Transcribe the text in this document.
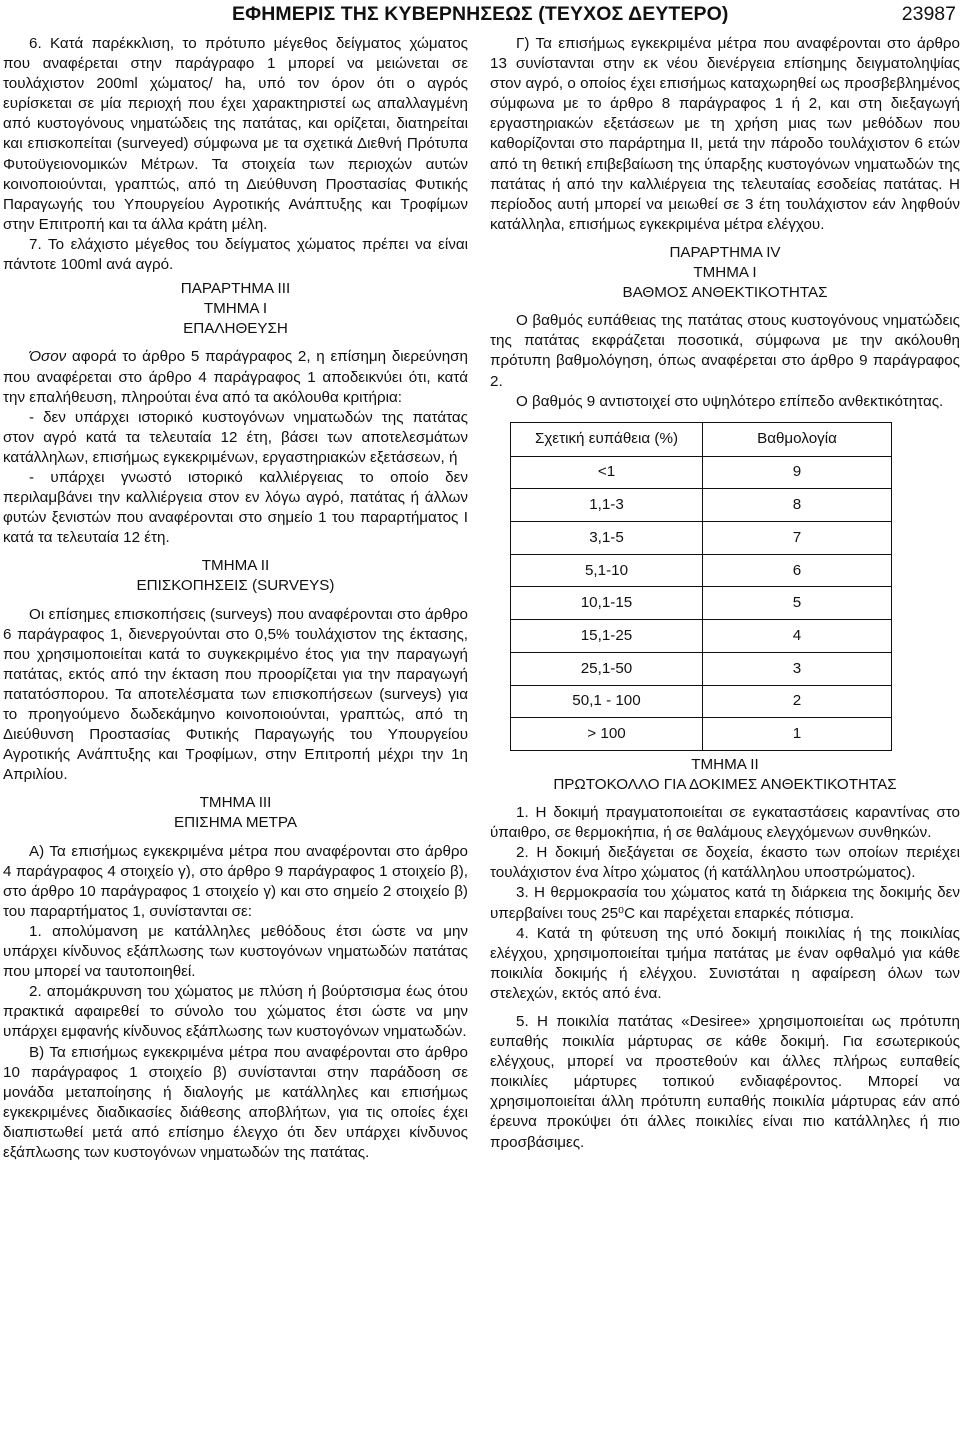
ΕΦΗΜΕΡΙΣ ΤΗΣ ΚΥΒΕΡΝΗΣΕΩΣ (ΤΕΥΧΟΣ ΔΕΥΤΕΡΟ)	23987

6. Κατά παρέκκλιση, το πρότυπο μέγεθος δείγματος χώματος που αναφέρεται στην παράγραφο 1 μπορεί να μειώνεται σε τουλάχιστον 200ml χώματος/ ha, υπό τον όρον ότι ο αγρός ευρίσκεται σε μία περιοχή που έχει χαρακτηριστεί ως απαλλαγμένη από κυστογόνους νηματώδεις της πατάτας, και ορίζεται, διατηρείται και επισκοπείται (surveyed) σύμφωνα με τα σχετικά Διεθνή Πρότυπα Φυτοϋγειονομικών Μέτρων. Τα στοιχεία των περιοχών αυτών κοινοποιούνται, γραπτώς, από τη Διεύθυνση Προστασίας Φυτικής Παραγωγής του Υπουργείου Αγροτικής Ανάπτυξης και Τροφίμων στην Επιτροπή και τα άλλα κράτη μέλη.

7. Το ελάχιστο μέγεθος του δείγματος χώματος πρέπει να είναι πάντοτε 100ml ανά αγρό.

ΠΑΡΑΡΤΗΜΑ III

ΤΜΗΜΑ I

ΕΠΑΛΗΘΕΥΣΗ

Όσον αφορά το άρθρο 5 παράγραφος 2, η επίσημη διερεύνηση που αναφέρεται στο άρθρο 4 παράγραφος 1 αποδεικνύει ότι, κατά την επαλήθευση, πληρούται ένα από τα ακόλουθα κριτήρια:

- δεν υπάρχει ιστορικό κυστογόνων νηματωδών της πατάτας στον αγρό κατά τα τελευταία 12 έτη, βάσει των αποτελεσμάτων κατάλληλων, επισήμως εγκεκριμένων, εργαστηριακών εξετάσεων, ή

- υπάρχει γνωστό ιστορικό καλλιέργειας το οποίο δεν περιλαμβάνει την καλλιέργεια στον εν λόγω αγρό, πατάτας ή άλλων φυτών ξενιστών που αναφέρονται στο σημείο 1 του παραρτήματος I κατά τα τελευταία 12 έτη.

ΤΜΗΜΑ II

ΕΠΙΣΚΟΠΗΣΕΙΣ (SURVEYS)

Οι επίσημες επισκοπήσεις (surveys) που αναφέρονται στο άρθρο 6 παράγραφος 1, διενεργούνται στο 0,5% τουλάχιστον της έκτασης, που χρησιμοποιείται κατά το συγκεκριμένο έτος για την παραγωγή πατάτας, εκτός από την έκταση που προορίζεται για την παραγωγή πατατόσπορου. Τα αποτελέσματα των επισκοπήσεων (surveys) για το προηγούμενο δωδεκάμηνο κοινοποιούνται, γραπτώς, από τη Διεύθυνση Προστασίας Φυτικής Παραγωγής του Υπουργείου Αγροτικής Ανάπτυξης και Τροφίμων, στην Επιτροπή μέχρι την 1η Απριλίου.

ΤΜΗΜΑ III

ΕΠΙΣΗΜΑ ΜΕΤΡΑ

Α) Τα επισήμως εγκεκριμένα μέτρα που αναφέρονται στο άρθρο 4 παράγραφος 4 στοιχείο γ), στο άρθρο 9 παράγραφος 1 στοιχείο β), στο άρθρο 10 παράγραφος 1 στοιχείο γ) και στο σημείο 2 στοιχείο β) του παραρτήματος 1, συνίστανται σε:

1. απολύμανση με κατάλληλες μεθόδους έτσι ώστε να μην υπάρχει κίνδυνος εξάπλωσης των κυστογόνων νηματωδών πατάτας που μπορεί να ταυτοποιηθεί.

2. απομάκρυνση του χώματος με πλύση ή βούρτσισμα έως ότου πρακτικά αφαιρεθεί το σύνολο του χώματος έτσι ώστε να μην υπάρχει εμφανής κίνδυνος εξάπλωσης των κυστογόνων νηματωδών.

Β) Τα επισήμως εγκεκριμένα μέτρα που αναφέρονται στο άρθρο 10 παράγραφος 1 στοιχείο β) συνίστανται στην παράδοση σε μονάδα μεταποίησης ή διαλογής με κατάλληλες και επισήμως εγκεκριμένες διαδικασίες διάθεσης αποβλήτων, για τις οποίες έχει διαπιστωθεί μετά από επίσημο έλεγχο ότι δεν υπάρχει κίνδυνος εξάπλωσης των κυστογόνων νηματωδών της πατάτας.

Γ) Τα επισήμως εγκεκριμένα μέτρα που αναφέρονται στο άρθρο 13 συνίστανται στην εκ νέου διενέργεια επίσημης δειγματοληψίας στον αγρό, ο οποίος έχει επισήμως καταχωρηθεί ως προσβεβλημένος σύμφωνα με το άρθρο 8 παράγραφος 1 ή 2, και στη διεξαγωγή εργαστηριακών εξετάσεων με τη χρήση μιας των μεθόδων που καθορίζονται στο παράρτημα II, μετά την πάροδο τουλάχιστον 6 ετών από τη θετική επιβεβαίωση της ύπαρξης κυστογόνων νηματωδών της πατάτας ή από την καλλιέργεια της τελευταίας εσοδείας πατάτας. Η περίοδος αυτή μπορεί να μειωθεί σε 3 έτη τουλάχιστον εάν ληφθούν κατάλληλα, επισήμως εγκεκριμένα μέτρα ελέγχου.

ΠΑΡΑΡΤΗΜΑ IV

ΤΜΗΜΑ I

ΒΑΘΜΟΣ ΑΝΘΕΚΤΙΚΟΤΗΤΑΣ

Ο βαθμός ευπάθειας της πατάτας στους κυστογόνους νηματώδεις της πατάτας εκφράζεται ποσοτικά, σύμφωνα με την ακόλουθη πρότυπη βαθμολόγηση, όπως αναφέρεται στο άρθρο 9 παράγραφος 2.

Ο βαθμός 9 αντιστοιχεί στο υψηλότερο επίπεδο ανθεκτικότητας.

Σχετική ευπάθεια (%)	Βαθμολογία
<1	9
1,1-3	8
3,1-5	7
5,1-10	6
10,1-15	5
15,1-25	4
25,1-50	3
50,1 - 100	2
> 100	1

ΤΜΗΜΑ II

ΠΡΩΤΟΚΟΛΛΟ ΓΙΑ ΔΟΚΙΜΕΣ ΑΝΘΕΚΤΙΚΟΤΗΤΑΣ

1. Η δοκιμή πραγματοποιείται σε εγκαταστάσεις καραντίνας στο ύπαιθρο, σε θερμοκήπια, ή σε θαλάμους ελεγχόμενων συνθηκών.

2. Η δοκιμή διεξάγεται σε δοχεία, έκαστο των οποίων περιέχει τουλάχιστον ένα λίτρο χώματος (ή κατάλληλου υποστρώματος).

3. Η θερμοκρασία του χώματος κατά τη διάρκεια της δοκιμής δεν υπερβαίνει τους 25⁰C και παρέχεται επαρκές πότισμα.

4. Κατά τη φύτευση της υπό δοκιμή ποικιλίας ή της ποικιλίας ελέγχου, χρησιμοποιείται τμήμα πατάτας με έναν οφθαλμό για κάθε ποικιλία δοκιμής ή ελέγχου. Συνιστάται η αφαίρεση όλων των στελεχών, εκτός από ένα.

5. Η ποικιλία πατάτας «Desiree» χρησιμοποιείται ως πρότυπη ευπαθής ποικιλία μάρτυρας σε κάθε δοκιμή. Για εσωτερικούς ελέγχους, μπορεί να προστεθούν και άλλες πλήρως ευπαθείς ποικιλίες μάρτυρες τοπικού ενδιαφέροντος. Μπορεί να χρησιμοποιείται άλλη πρότυπη ευπαθής ποικιλία μάρτυρας εάν από έρευνα προκύψει ότι άλλες ποικιλίες είναι πιο κατάλληλες ή πιο προσβάσιμες.
